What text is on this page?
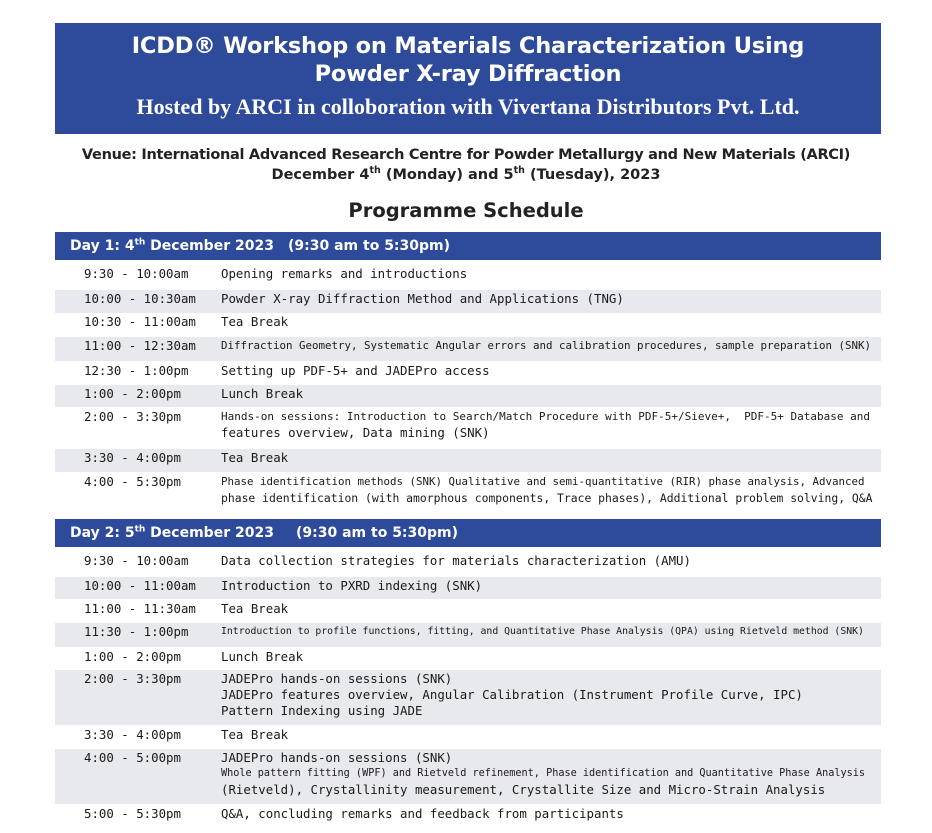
ICDD® Workshop on Materials Characterization Using
Powder X-ray Diffraction
Hosted by ARCI in colloboration with Vivertana Distributors Pvt. Ltd.
Venue: International Advanced Research Centre for Powder Metallurgy and New Materials (ARCI)
December 4th (Monday) and 5th (Tuesday), 2023
Programme Schedule
Day 1: 4th December 2023 (9:30 am to 5:30pm)
9:30 - 10:00am	Opening remarks and introductions
10:00 - 10:30am Powder X-ray Diffraction Method and Applications (TNG)
10:30 - 11:00am Tea Break
11:00 - 12:30am Diffraction Geometry, Systematic Angular errors and calibration procedures, sample preparation (SNK)
12:30 - 1:00pm	Setting up PDF-5+ and JADEPro access
1:00 - 2:00pm	Lunch Break
2:00 - 3:30pm	Hands-on sessions: Introduction to Search/Match Procedure with PDF-5+/Sieve+,  PDF-5+ Database and
features overview, Data mining (SNK)
3:30 - 4:00pm	Tea Break
4:00 - 5:30pm	Phase identification methods (SNK) Qualitative and semi-quantitative (RIR) phase analysis, Advanced
phase identification (with amorphous components, Trace phases), Additional problem solving, Q&A
Day 2: 5th December 2023 (9:30 am to 5:30pm)
9:30 - 10:00am	Data collection strategies for materials characterization (AMU)
10:00 - 11:00am Introduction to PXRD indexing (SNK)
11:00 - 11:30am Tea Break
11:30 - 1:00pm	Introduction to profile functions, fitting, and Quantitative Phase Analysis (QPA) using Rietveld method (SNK)
1:00 - 2:00pm	Lunch Break
2:00 - 3:30pm	JADEPro hands-on sessions (SNK)
JADEPro features overview, Angular Calibration (Instrument Profile Curve, IPC)
Pattern Indexing using JADE
3:30 - 4:00pm	Tea Break
4:00 - 5:00pm	JADEPro hands-on sessions (SNK)
Whole pattern fitting (WPF) and Rietveld refinement, Phase identification and Quantitative Phase Analysis
(Rietveld), Crystallinity measurement, Crystallite Size and Micro-Strain Analysis
5:00 - 5:30pm	Q&A, concluding remarks and feedback from participants
